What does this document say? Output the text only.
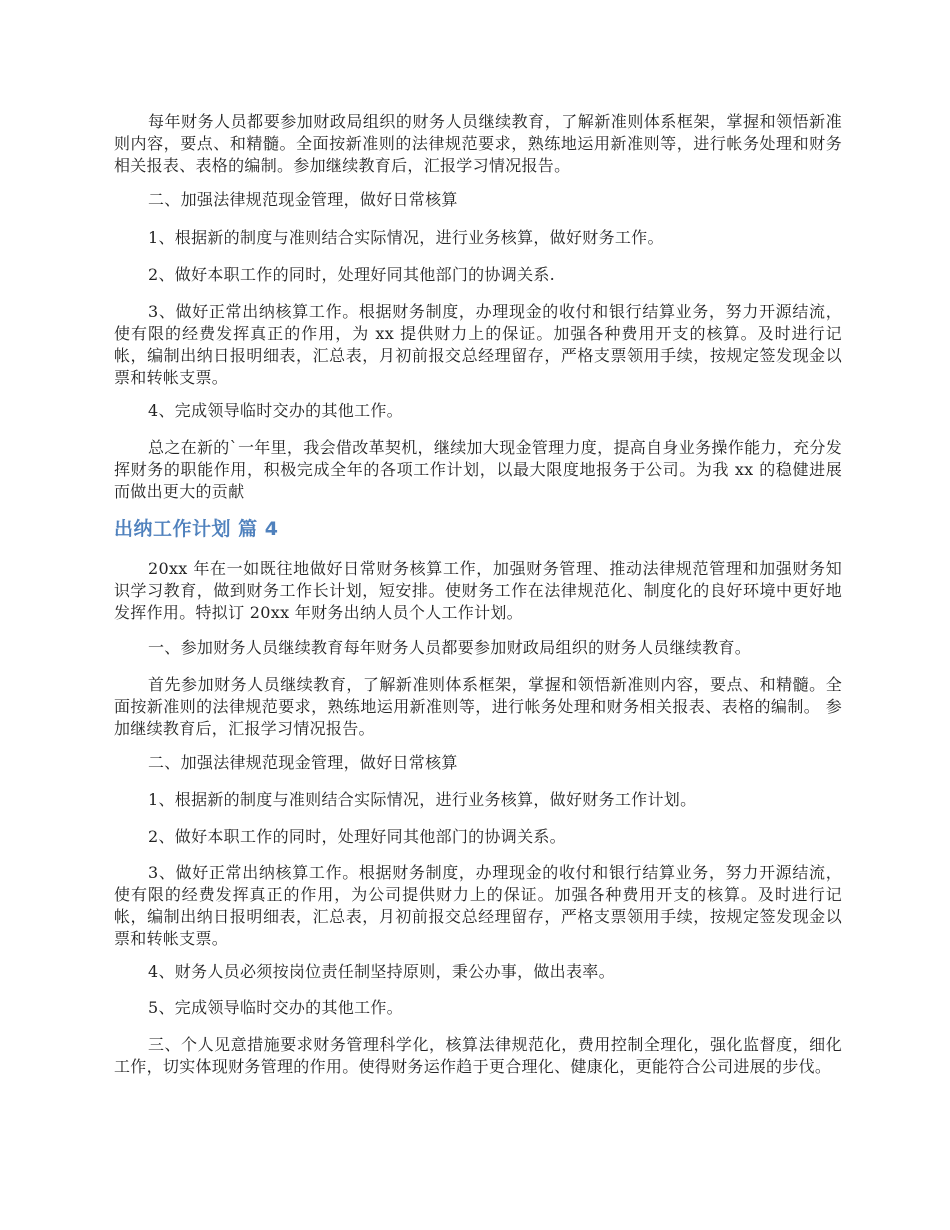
每年财务人员都要参加财政局组织的财务人员继续教育，了解新准则体系框架，掌握和领悟新准则内容，要点、和精髓。全面按新准则的法律规范要求，熟练地运用新准则等，进行帐务处理和财务相关报表、表格的编制。参加继续教育后，汇报学习情况报告。

二、加强法律规范现金管理，做好日常核算

1、根据新的制度与准则结合实际情况，进行业务核算，做好财务工作。

2、做好本职工作的同时，处理好同其他部门的协调关系.

3、做好正常出纳核算工作。根据财务制度，办理现金的收付和银行结算业务，努力开源结流，使有限的经费发挥真正的作用，为 xx 提供财力上的保证。加强各种费用开支的核算。及时进行记帐，编制出纳日报明细表，汇总表，月初前报交总经理留存，严格支票领用手续，按规定签发现金以票和转帐支票。

4、完成领导临时交办的其他工作。

总之在新的`一年里，我会借改革契机，继续加大现金管理力度，提高自身业务操作能力，充分发挥财务的职能作用，积极完成全年的各项工作计划，以最大限度地报务于公司。为我 xx 的稳健进展而做出更大的贡献

出纳工作计划 篇 4

20xx 年在一如既往地做好日常财务核算工作，加强财务管理、推动法律规范管理和加强财务知识学习教育，做到财务工作长计划，短安排。使财务工作在法律规范化、制度化的良好环境中更好地发挥作用。特拟订 20xx 年财务出纳人员个人工作计划。

一、参加财务人员继续教育每年财务人员都要参加财政局组织的财务人员继续教育。

首先参加财务人员继续教育，了解新准则体系框架，掌握和领悟新准则内容，要点、和精髓。全面按新准则的法律规范要求，熟练地运用新准则等，进行帐务处理和财务相关报表、表格的编制。 参加继续教育后，汇报学习情况报告。

二、加强法律规范现金管理，做好日常核算

1、根据新的制度与准则结合实际情况，进行业务核算，做好财务工作计划。

2、做好本职工作的同时，处理好同其他部门的协调关系。

3、做好正常出纳核算工作。根据财务制度，办理现金的收付和银行结算业务，努力开源结流，使有限的经费发挥真正的作用，为公司提供财力上的保证。加强各种费用开支的核算。及时进行记帐，编制出纳日报明细表，汇总表，月初前报交总经理留存，严格支票领用手续，按规定签发现金以票和转帐支票。

4、财务人员必须按岗位责任制坚持原则，秉公办事，做出表率。

5、完成领导临时交办的其他工作。

三、个人见意措施要求财务管理科学化，核算法律规范化，费用控制全理化，强化监督度，细化工作，切实体现财务管理的作用。使得财务运作趋于更合理化、健康化，更能符合公司进展的步伐。
